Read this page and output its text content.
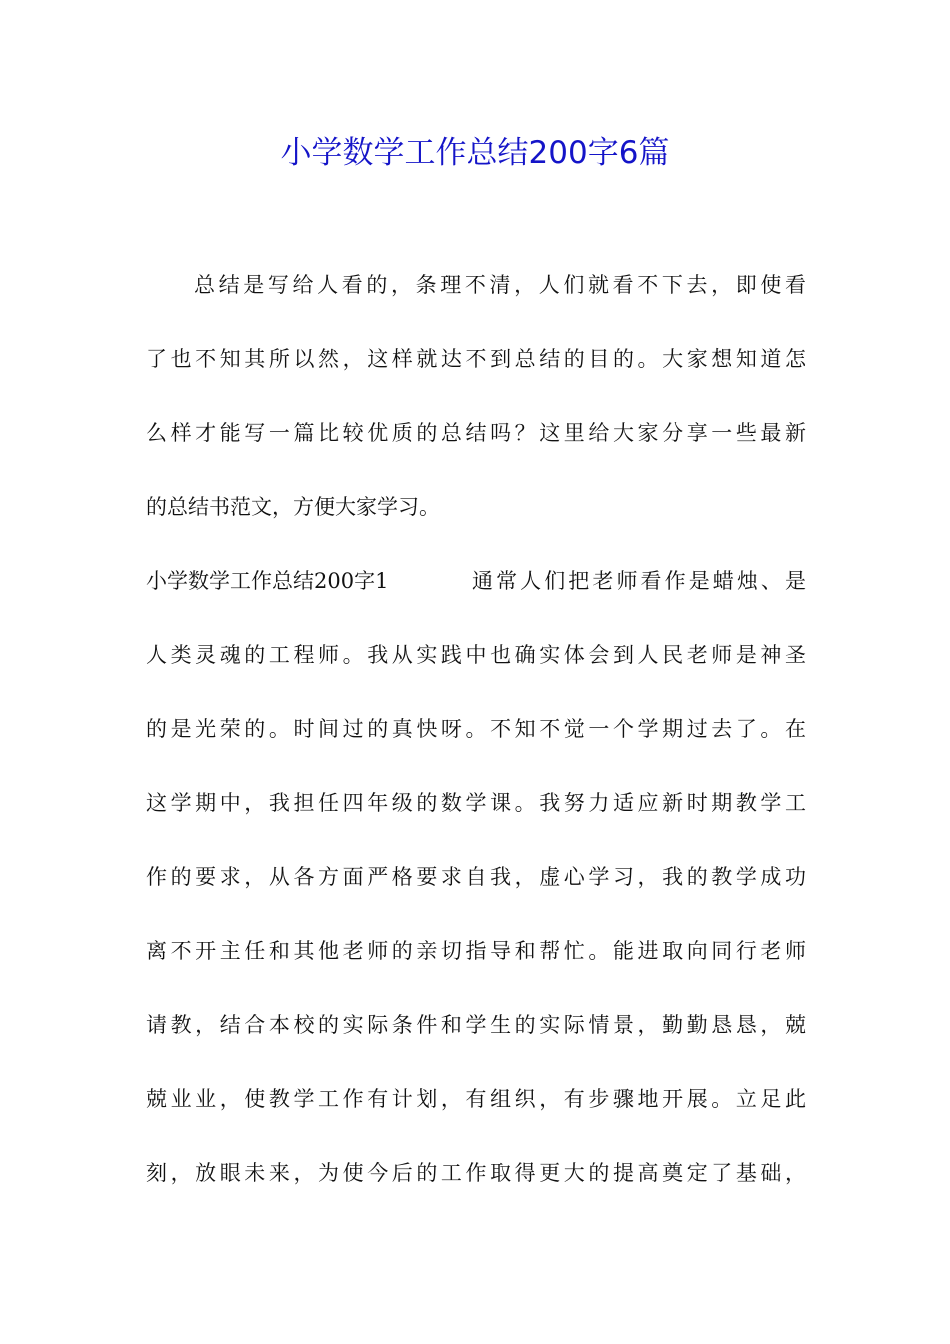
小学数学工作总结200字6篇
总结是写给人看的，条理不清，人们就看不下去，即使看
了也不知其所以然，这样就达不到总结的目的。大家想知道怎
么样才能写一篇比较优质的总结吗？这里给大家分享一些最新
的总结书范文，方便大家学习。
小学数学工作总结200字1	通常人们把老师看作是蜡烛、是
人类灵魂的工程师。我从实践中也确实体会到人民老师是神圣
的是光荣的。时间过的真快呀。不知不觉一个学期过去了。在
这学期中，我担任四年级的数学课。我努力适应新时期教学工
作的要求，从各方面严格要求自我，虚心学习，我的教学成功
离不开主任和其他老师的亲切指导和帮忙。能进取向同行老师
请教，结合本校的实际条件和学生的实际情景，勤勤恳恳，兢
兢业业，使教学工作有计划，有组织，有步骤地开展。立足此
刻，放眼未来，为使今后的工作取得更大的提高奠定了基础，
